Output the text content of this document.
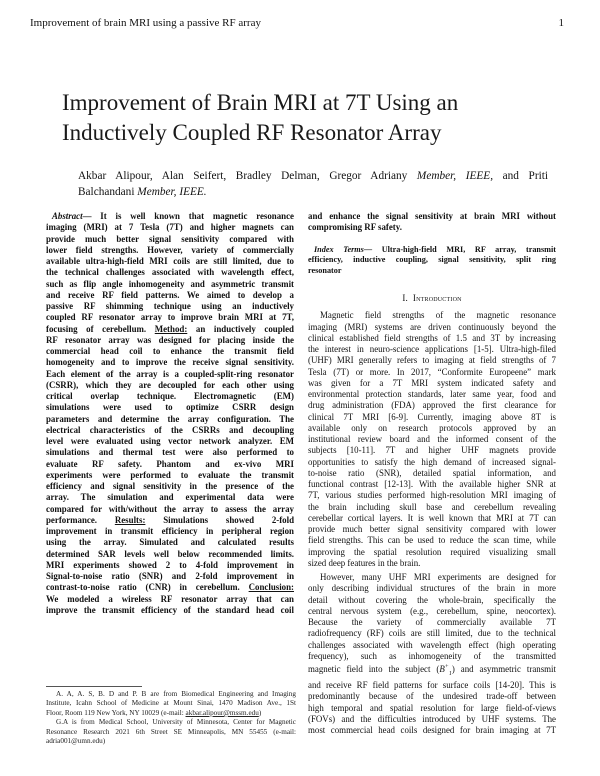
Improvement of brain MRI using a passive RF array	1
Improvement of Brain MRI at 7T Using an
Inductively Coupled RF Resonator Array
Akbar Alipour, Alan Seifert, Bradley Delman, Gregor Adriany Member, IEEE, and Priti
Balchandani Member, IEEE.
Abstract— It is well known that magnetic resonance
imaging (MRI) at 7 Tesla (7T) and higher magnets can
provide much better signal sensitivity compared with
lower field strengths. However, variety of commercially
available ultra-high-field MRI coils are still limited, due to
the technical challenges associated with wavelength effect,
such as flip angle inhomogeneity and asymmetric transmit
and receive RF field patterns. We aimed to develop a
passive RF shimming technique using an inductively
coupled RF resonator array to improve brain MRI at 7T,
focusing of cerebellum. Method: an inductively coupled
RF resonator array was designed for placing inside the
commercial head coil to enhance the transmit field
homogeneity and to improve the receive signal sensitivity.
Each element of the array is a coupled-split-ring resonator
(CSRR), which they are decoupled for each other using
critical overlap technique. Electromagnetic (EM)
simulations were used to optimize CSRR design
parameters and determine the array configuration. The
electrical characteristics of the CSRRs and decoupling
level were evaluated using vector network analyzer. EM
simulations and thermal test were also performed to
evaluate RF safety. Phantom and ex-vivo MRI
experiments were performed to evaluate the transmit
efficiency and signal sensitivity in the presence of the
array. The simulation and experimental data were
compared for with/without the array to assess the array
performance. Results: Simulations showed 2-fold
improvement in transmit efficiency in peripheral region
using the array. Simulated and calculated results
determined SAR levels well below recommended limits.
MRI experiments showed 2 to 4-fold improvement in
Signal-to-noise ratio (SNR) and 2-fold improvement in
contrast-to-noise ratio (CNR) in cerebellum. Conclusion:
We modeled a wireless RF resonator array that can
improve the transmit efficiency of the standard head coil
and enhance the signal sensitivity at brain MRI without
compromising RF safety.
Index Terms— Ultra-high-field MRI, RF array, transmit
efficiency, inductive coupling, signal sensitivity, split ring
resonator
I. Introduction
Magnetic field strengths of the magnetic resonance
imaging (MRI) systems are driven continuously beyond the
clinical established field strengths of 1.5 and 3T by increasing
the interest in neuro-science applications [1-5]. Ultra-high-filed
(UHF) MRI generally refers to imaging at field strengths of 7
Tesla (7T) or more. In 2017, “Conformite Europeene” mark
was given for a 7T MRI system indicated safety and
environmental protection standards, later same year, food and
drug administration (FDA) approved the first clearance for
clinical 7T MRI [6-9]. Currently, imaging above 8T is
available only on research protocols approved by an
institutional review board and the informed consent of the
subjects [10-11]. 7T and higher UHF magnets provide
opportunities to satisfy the high demand of increased signal-
to-noise ratio (SNR), detailed spatial information, and
functional contrast [12-13]. With the available higher SNR at
7T, various studies performed high-resolution MRI imaging of
the brain including skull base and cerebellum revealing
cerebellar cortical layers. It is well known that MRI at 7T can
provide much better signal sensitivity compared with lower
field strengths. This can be used to reduce the scan time, while
improving the spatial resolution required visualizing small
sized deep features in the brain.
However, many UHF MRI experiments are designed for
only describing individual structures of the brain in more
detail without covering the whole-brain, specifically the
central nervous system (e.g., cerebellum, spine, neocortex).
Because the variety of commercially available 7T
radiofrequency (RF) coils are still limited, due to the technical
challenges associated with wavelength effect (high operating
frequency), such as inhomogeneity of the transmitted
magnetic field into the subject $(B^+_1)$ and asymmetric transmit
and receive RF field patterns for surface coils [14-20]. This is
predominantly because of the undesired trade-off between
high temporal and spatial resolution for large field-of-views
(FOVs) and the difficulties introduced by UHF systems. The
most commercial head coils designed for brain imaging at 7T
A. A, A. S, B. D and P. B are from Biomedical Engineering and Imaging
Institute, Icahn School of Medicine at Mount Sinai, 1470 Madison Ave., 1St
Floor, Room 119 New York, NY 10029 (e-mail: akbar.alipour@mssm.edu)
G.A is from Medical School, University of Minnesota, Center for Magnetic
Resonance Research 2021 6th Street SE Minneapolis, MN 55455 (e-mail:
adria001@umn.edu)
